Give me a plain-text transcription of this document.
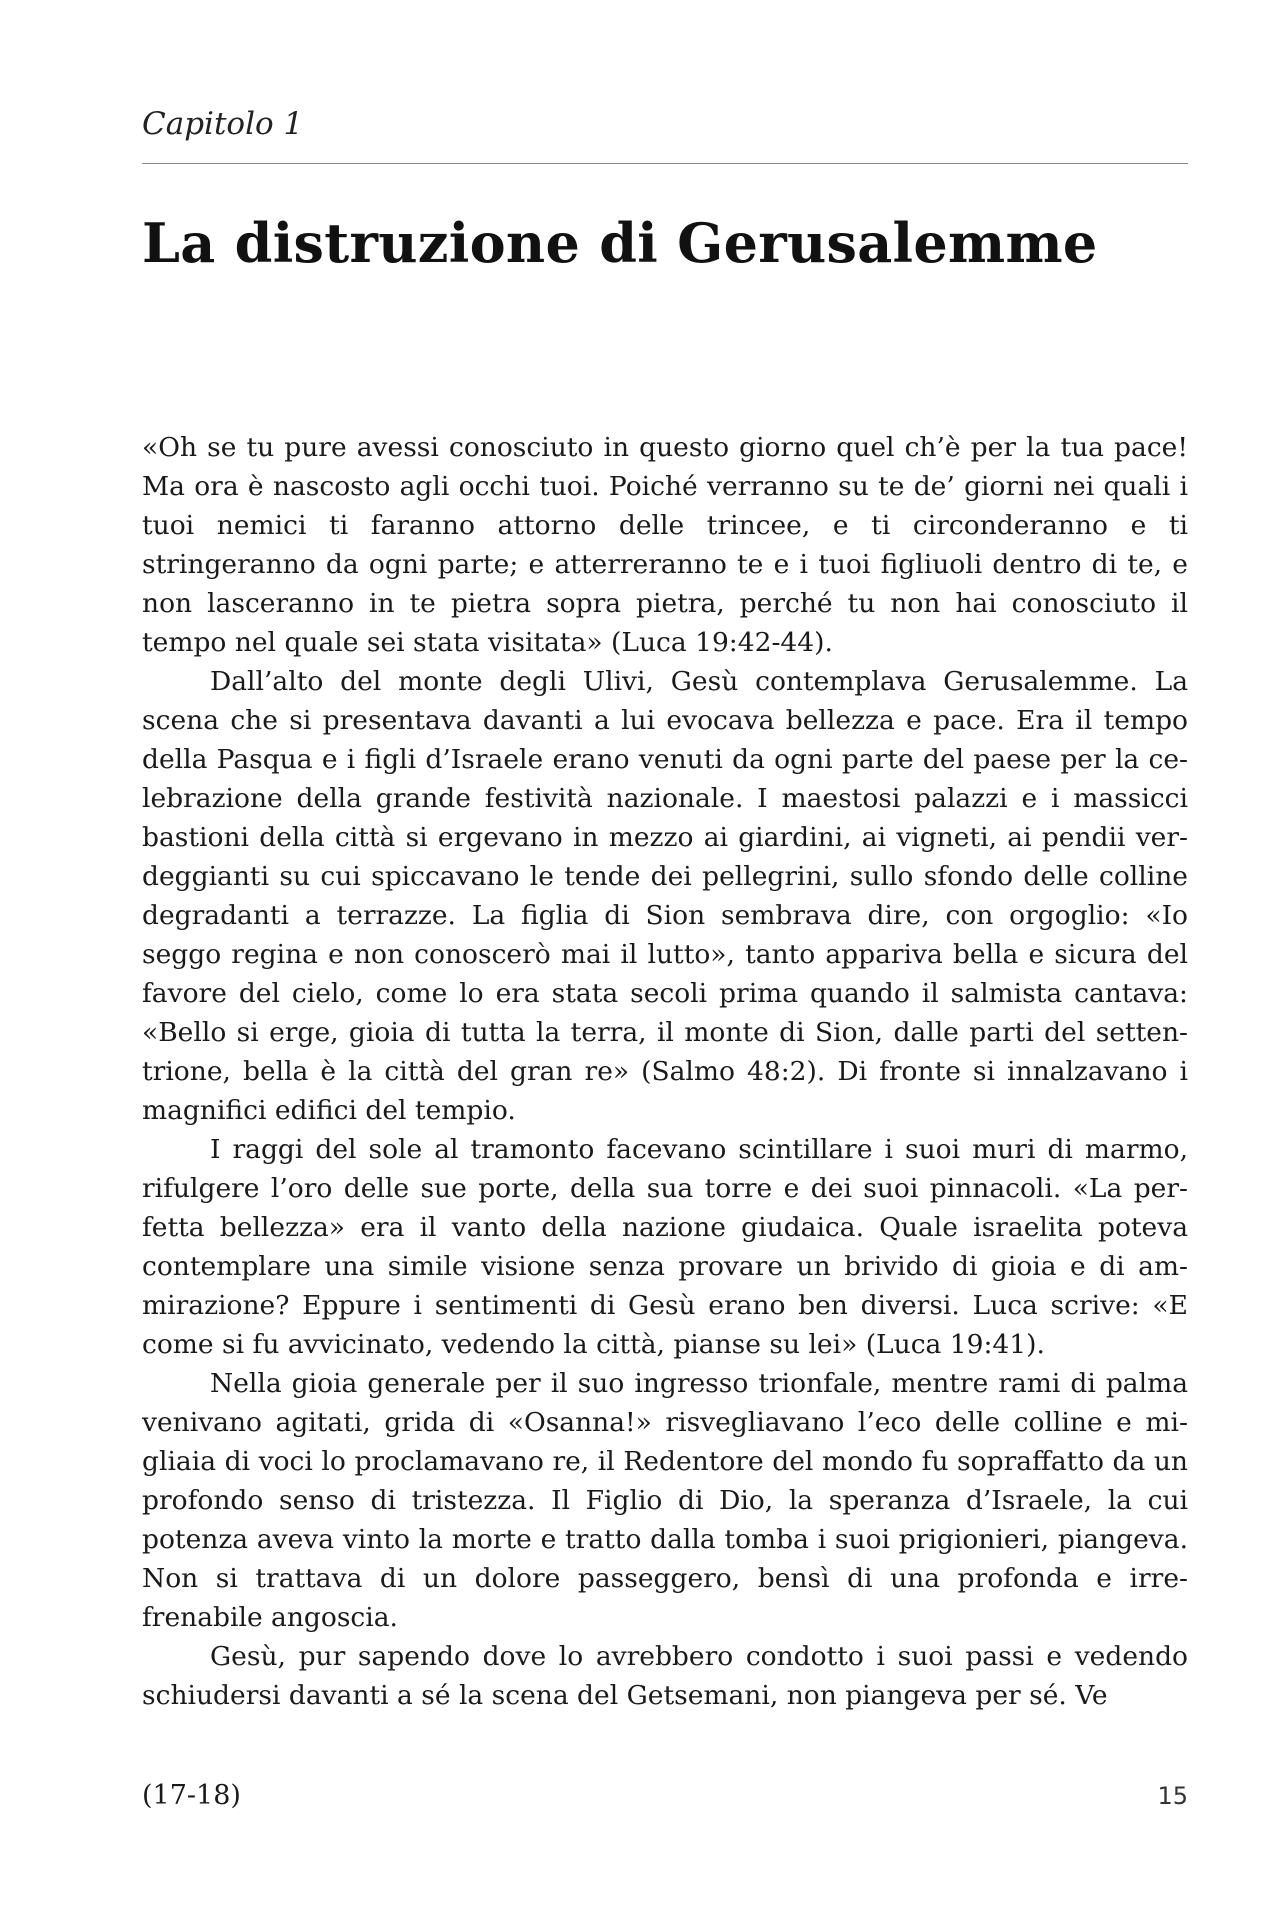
Capitolo 1
La distruzione di Gerusalemme

«Oh se tu pure avessi conosciuto in questo giorno quel ch’è per la tua pace! Ma ora è nascosto agli occhi tuoi. Poiché verranno su te de’ giorni nei quali i tuoi nemici ti faranno attorno delle trincee, e ti circonderanno e ti stringeranno da ogni parte; e atterreranno te e i tuoi figliuoli dentro di te, e non lasceranno in te pietra sopra pietra, perché tu non hai conosciuto il tempo nel quale sei stata visitata» (Luca 19:42-44).

Dall’alto del monte degli Ulivi, Gesù contemplava Gerusalemme. La scena che si presentava davanti a lui evocava bellezza e pace. Era il tempo della Pasqua e i figli d’Israele erano venuti da ogni parte del paese per la celebrazione della grande festività nazionale. I maestosi palazzi e i massicci bastioni della città si ergevano in mezzo ai giardini, ai vigneti, ai pendii verdeggianti su cui spiccavano le tende dei pellegrini, sullo sfondo delle colline degradanti a terrazze. La figlia di Sion sembrava dire, con orgoglio: «Io seggo regina e non conoscerò mai il lutto», tanto appariva bella e sicura del favore del cielo, come lo era stata secoli prima quando il salmista cantava: «Bello si erge, gioia di tutta la terra, il monte di Sion, dalle parti del settentrione, bella è la città del gran re» (Salmo 48:2). Di fronte si innalzavano i magnifici edifici del tempio.

I raggi del sole al tramonto facevano scintillare i suoi muri di marmo, rifulgere l’oro delle sue porte, della sua torre e dei suoi pinnacoli. «La perfetta bellezza» era il vanto della nazione giudaica. Quale israelita poteva contemplare una simile visione senza provare un brivido di gioia e di ammirazione? Eppure i sentimenti di Gesù erano ben diversi. Luca scrive: «E come si fu avvicinato, vedendo la città, pianse su lei» (Luca 19:41).

Nella gioia generale per il suo ingresso trionfale, mentre rami di palma venivano agitati, grida di «Osanna!» risvegliavano l’eco delle colline e migliaia di voci lo proclamavano re, il Redentore del mondo fu sopraffatto da un profondo senso di tristezza. Il Figlio di Dio, la speranza d’Israele, la cui potenza aveva vinto la morte e tratto dalla tomba i suoi prigionieri, piangeva. Non si trattava di un dolore passeggero, bensì di una profonda e irrefrenabile angoscia.

Gesù, pur sapendo dove lo avrebbero condotto i suoi passi e vedendo schiudersi davanti a sé la scena del Getsemani, non piangeva per sé. Ve

(17-18)	15
